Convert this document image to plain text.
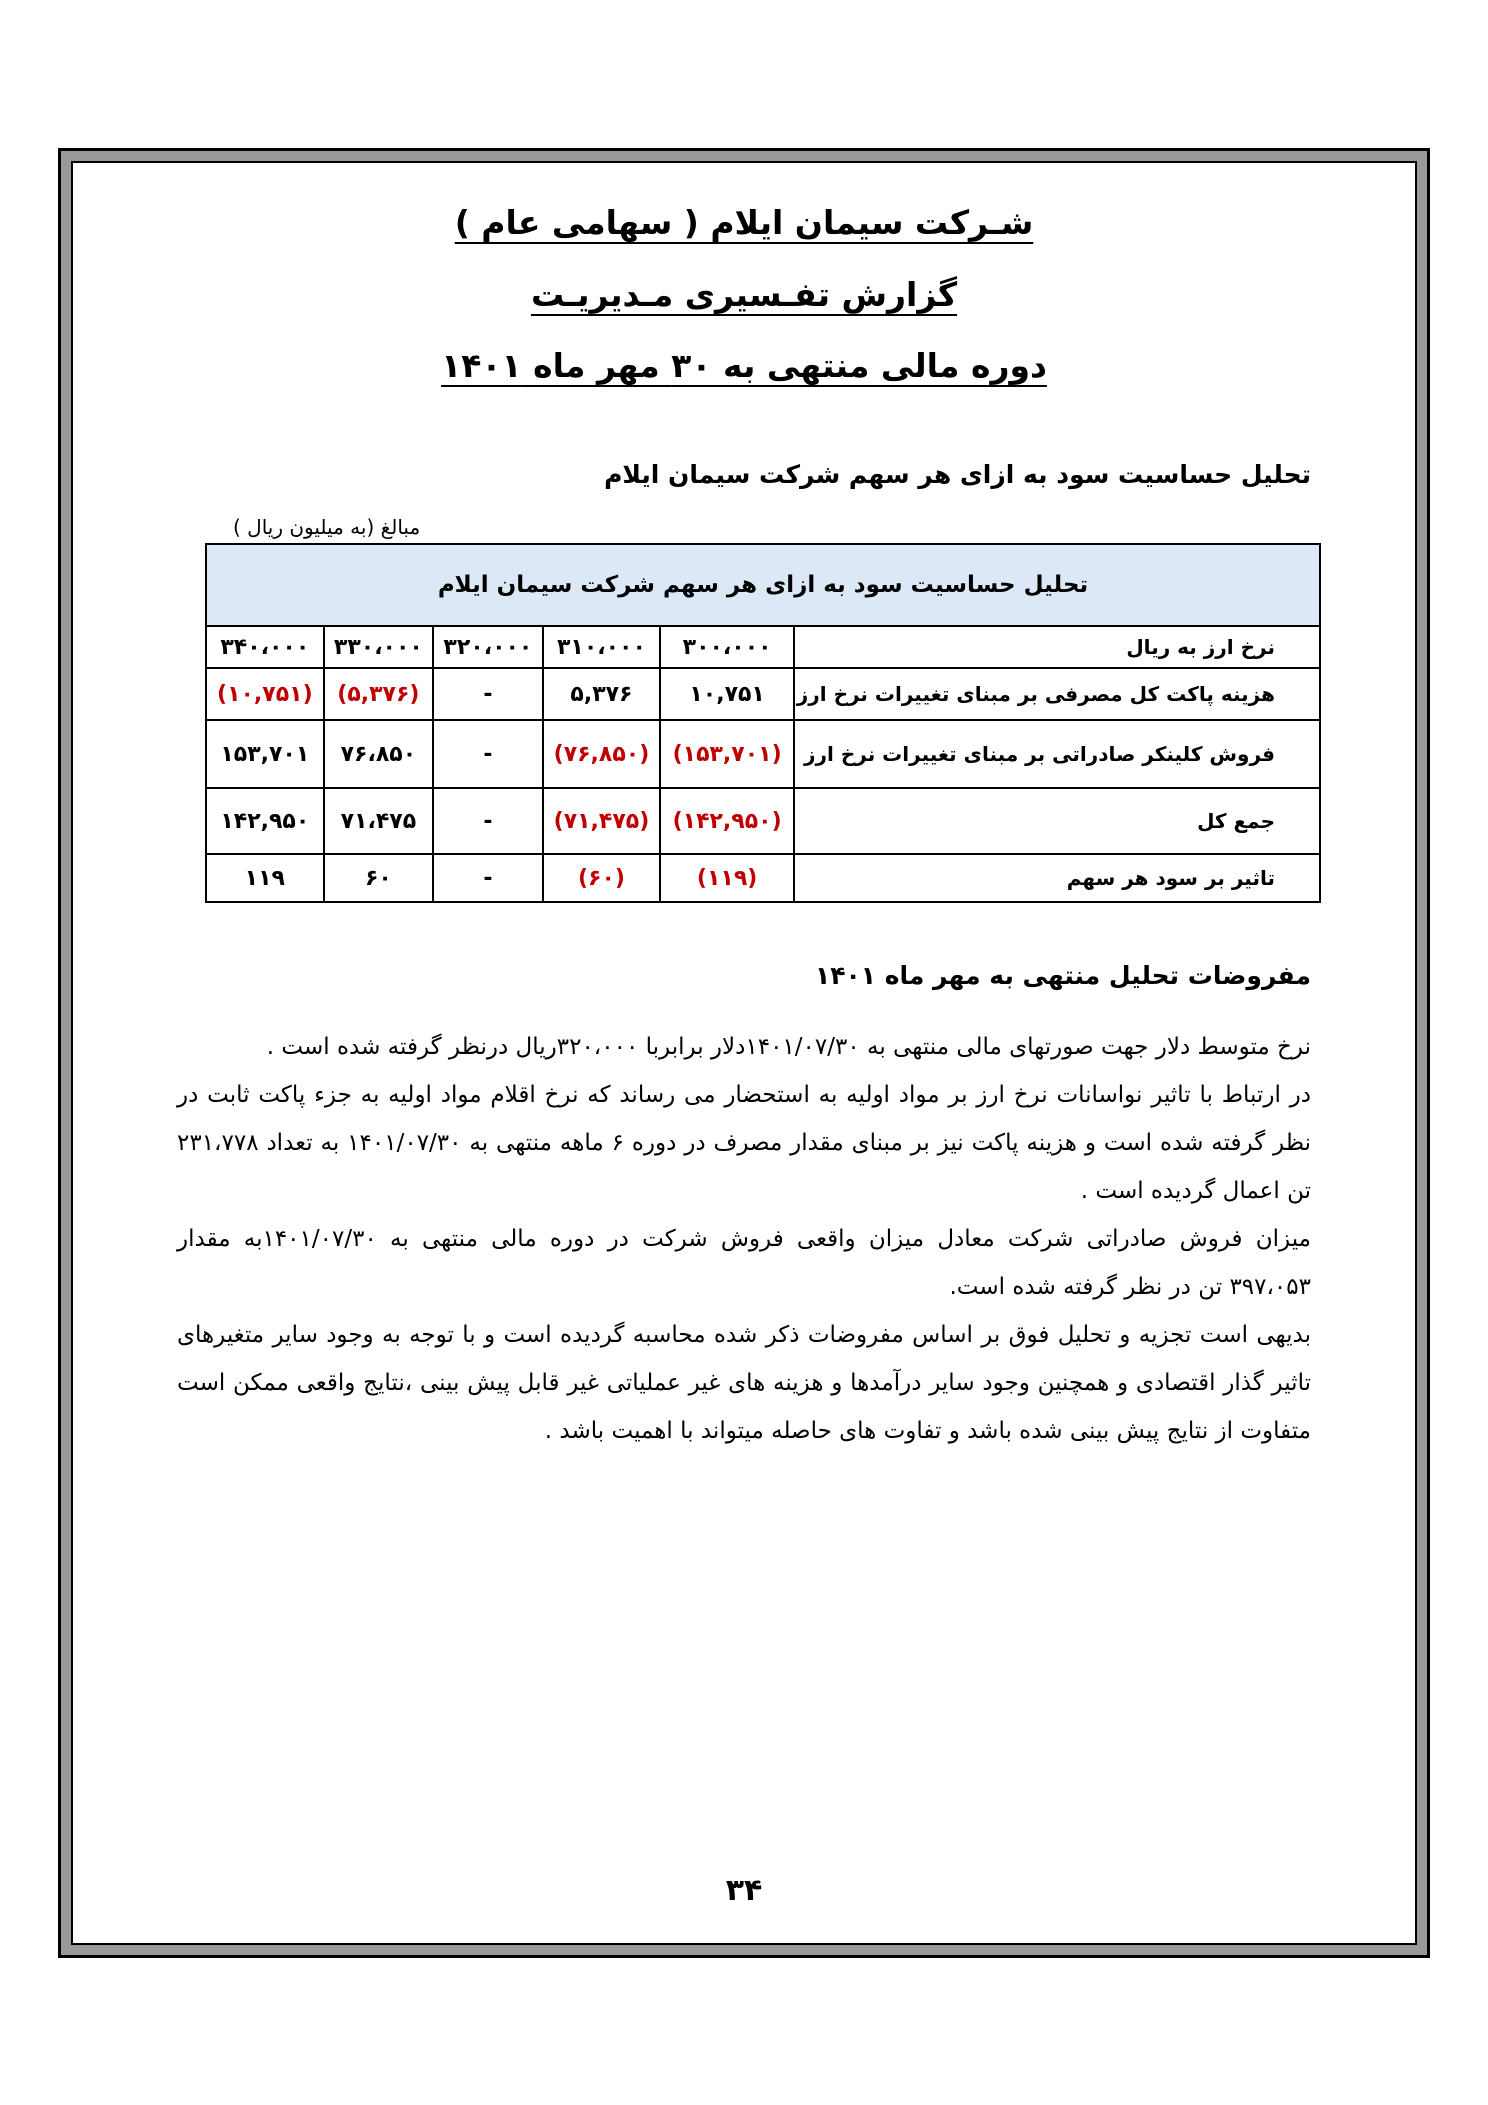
شـرکت سیمان ایلام ( سهامی عام )
گزارش تفـسیری مـدیریـت
دوره مالی منتهی به ۳۰ مهر ماه ۱۴۰۱
تحلیل حساسیت سود به ازای هر سهم شرکت سیمان ایلام
مبالغ (به میلیون ریال )
تحلیل حساسیت سود به ازای هر سهم شرکت سیمان ایلام					
نرخ ارز به ریال	۳۰۰،۰۰۰	۳۱۰،۰۰۰	۳۲۰،۰۰۰	۳۳۰،۰۰۰	۳۴۰،۰۰۰
هزینه پاکت کل مصرفی بر مبنای تغییرات نرخ ارز	۱۰,۷۵۱	۵,۳۷۶	-	(۵,۳۷۶)	(۱۰,۷۵۱)
فروش کلینکر صادراتی بر مبنای تغییرات نرخ ارز	(۱۵۳,۷۰۱)	(۷۶,۸۵۰)	-	۷۶،۸۵۰	۱۵۳,۷۰۱
جمع کل	(۱۴۲,۹۵۰)	(۷۱,۴۷۵)	-	۷۱،۴۷۵	۱۴۲,۹۵۰
تاثیر بر سود هر سهم	(۱۱۹)	(۶۰)	-	۶۰	۱۱۹
مفروضات تحلیل منتهی به مهر ماه ۱۴۰۱

نرخ متوسط دلار جهت صورتهای مالی منتهی به ۱۴۰۱/۰۷/۳۰دلار برابربا ۳۲۰،۰۰۰ریال درنظر گرفته شده است .

در ارتباط با تاثیر نواسانات نرخ ارز بر مواد اولیه به استحضار می رساند که نرخ اقلام مواد اولیه به جزء پاکت ثابت در نظر گرفته شده است و هزینه پاکت نیز بر مبنای مقدار مصرف در دوره ۶ ماهه منتهی به ۱۴۰۱/۰۷/۳۰ به تعداد ۲۳۱،۷۷۸ تن اعمال گردیده است .

میزان فروش صادراتی شرکت معادل میزان واقعی فروش شرکت در دوره مالی منتهی به ۱۴۰۱/۰۷/۳۰به مقدار ۳۹۷،۰۵۳ تن در نظر گرفته شده است.

بدیهی است تجزیه و تحلیل فوق بر اساس مفروضات ذکر شده محاسبه گردیده است و با توجه به وجود سایر متغیرهای تاثیر گذار اقتصادی و همچنین وجود سایر درآمدها و هزینه های غیر عملیاتی غیر قابل پیش بینی ،نتایج واقعی ممکن است متفاوت از نتایج پیش بینی شده باشد و تفاوت های حاصله میتواند با اهمیت باشد .

۳۴
